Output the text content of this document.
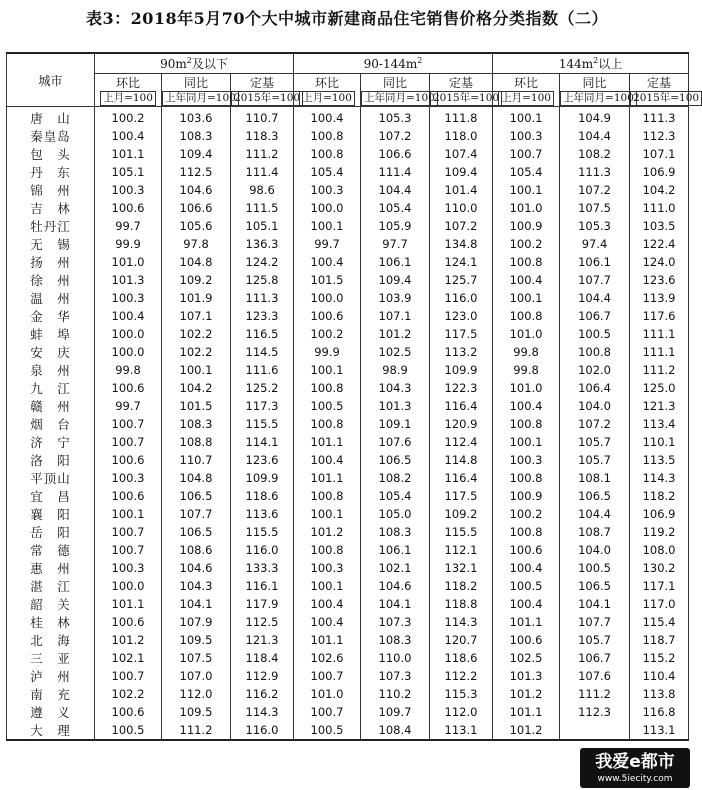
表3：2018年5月70个大中城市新建商品住宅销售价格分类指数（二）
城市	$90m^2$及以下			$90-144m^2$			$144m^2$以上		
	环比	同比	定基	环比	同比	定基	环比	同比	定基
	上月=100	上年同月=100	2015年=100	上月=100	上年同月=100	2015年=100	上月=100	上年同月=100	2015年=100
唐　山	100.2	103.6	110.7	100.4	105.3	111.8	100.1	104.9	111.3
秦皇岛	100.4	108.3	118.3	100.8	107.2	118.0	100.3	104.4	112.3
包　头	101.1	109.4	111.2	100.8	106.6	107.4	100.7	108.2	107.1
丹　东	105.1	112.5	111.4	105.4	111.4	109.4	105.4	111.3	106.9
锦　州	100.3	104.6	98.6	100.3	104.4	101.4	100.1	107.2	104.2
吉　林	100.6	106.6	111.5	100.0	105.4	110.0	101.0	107.5	111.0
牡丹江	99.7	105.6	105.1	100.1	105.9	107.2	100.9	105.3	103.5
无　锡	99.9	97.8	136.3	99.7	97.7	134.8	100.2	97.4	122.4
扬　州	101.0	104.8	124.2	100.4	106.1	124.1	100.8	106.1	124.0
徐　州	101.3	109.2	125.8	101.5	109.4	125.7	100.4	107.7	123.6
温　州	100.3	101.9	111.3	100.0	103.9	116.0	100.1	104.4	113.9
金　华	100.4	107.1	123.3	100.6	107.1	123.0	100.8	106.7	117.6
蚌　埠	100.0	102.2	116.5	100.2	101.2	117.5	101.0	100.5	111.1
安　庆	100.0	102.2	114.5	99.9	102.5	113.2	99.8	100.8	111.1
泉　州	99.8	100.1	111.6	100.1	98.9	109.9	99.8	102.0	111.2
九　江	100.6	104.2	125.2	100.8	104.3	122.3	101.0	106.4	125.0
赣　州	99.7	101.5	117.3	100.5	101.3	116.4	100.4	104.0	121.3
烟　台	100.7	108.3	115.5	100.8	109.1	120.9	100.8	107.2	113.4
济　宁	100.7	108.8	114.1	101.1	107.6	112.4	100.1	105.7	110.1
洛　阳	100.6	110.7	123.6	100.4	106.5	114.8	100.3	105.7	113.5
平顶山	100.3	104.8	109.9	101.1	108.2	116.4	100.8	108.1	114.3
宜　昌	100.6	106.5	118.6	100.8	105.4	117.5	100.9	106.5	118.2
襄　阳	100.1	107.7	113.6	100.1	105.0	109.2	100.2	104.4	106.9
岳　阳	100.7	106.5	115.5	101.2	108.3	115.5	100.8	108.7	119.2
常　德	100.7	108.6	116.0	100.8	106.1	112.1	100.6	104.0	108.0
惠　州	100.3	104.6	133.3	100.3	102.1	132.1	100.4	100.5	130.2
湛　江	100.0	104.3	116.1	100.1	104.6	118.2	100.5	106.5	117.1
韶　关	101.1	104.1	117.9	100.4	104.1	118.8	100.4	104.1	117.0
桂　林	100.6	107.9	112.5	100.4	107.3	114.3	101.1	107.7	115.4
北　海	101.2	109.5	121.3	101.1	108.3	120.7	100.6	105.7	118.7
三　亚	102.1	107.5	118.4	102.6	110.0	118.6	102.5	106.7	115.2
泸　州	100.7	107.0	112.9	100.7	107.3	112.2	101.3	107.6	110.4
南　充	102.2	112.0	116.2	101.0	110.2	115.3	101.2	111.2	113.8
遵　义	100.6	109.5	114.3	100.7	109.7	112.0	101.1	112.3	116.8
大　理	100.5	111.2	116.0	100.5	108.4	113.1	101.2		113.1
我爱e都市
www.5iecity.com
